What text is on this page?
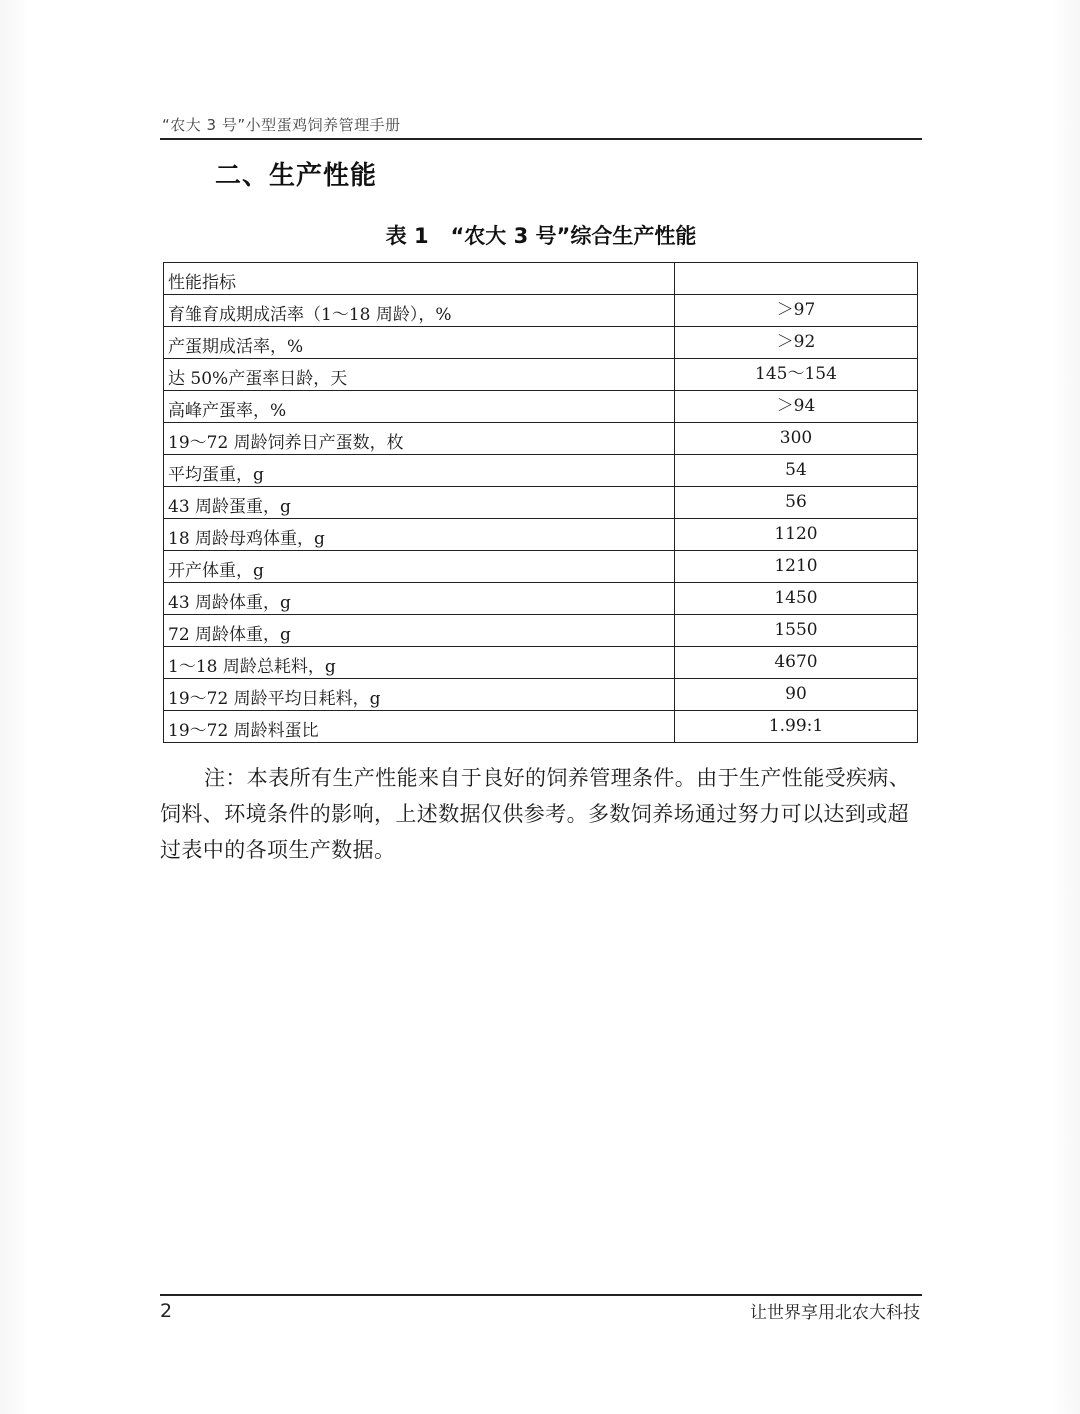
“农大 3 号”小型蛋鸡饲养管理手册
二、生产性能
表 1   “农大 3 号”综合生产性能
性能指标	
育雏育成期成活率（1～18 周龄），%	＞97
产蛋期成活率，%	＞92
达 50%产蛋率日龄，天	145～154
高峰产蛋率，%	＞94
19～72 周龄饲养日产蛋数，枚	300
平均蛋重，g	54
43 周龄蛋重，g	56
18 周龄母鸡体重，g	1120
开产体重，g	1210
43 周龄体重，g	1450
72 周龄体重，g	1550
1～18 周龄总耗料，g	4670
19～72 周龄平均日耗料，g	90
19～72 周龄料蛋比	1.99:1
注：本表所有生产性能来自于良好的饲养管理条件。由于生产性能受疾病、饲料、环境条件的影响，上述数据仅供参考。多数饲养场通过努力可以达到或超过表中的各项生产数据。
2	让世界享用北农大科技
